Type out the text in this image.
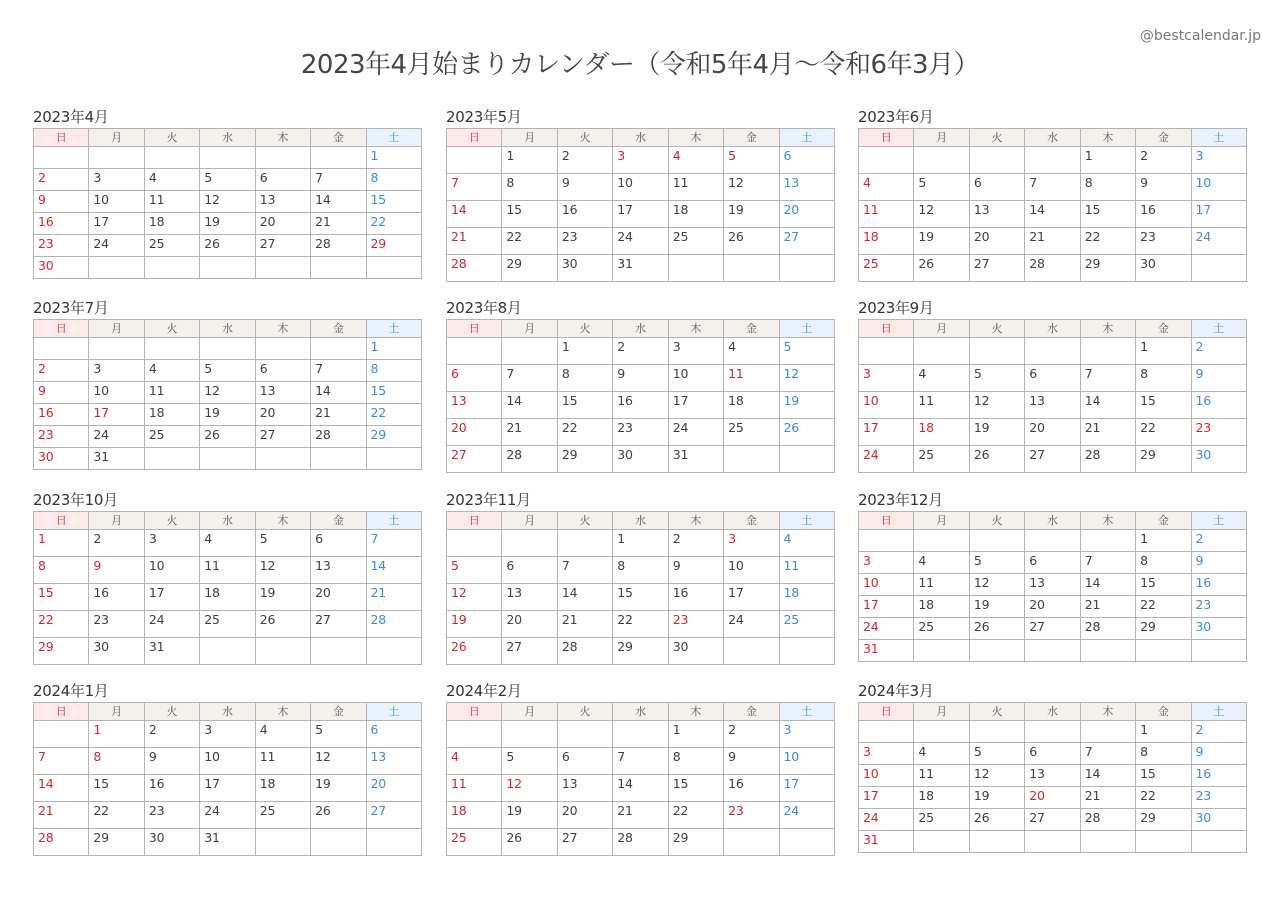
2023年4月始まりカレンダー（令和5年4月～令和6年3月）
@bestcalendar.jp
2023年4月
日	月	火	水	木	金	土
						1
2	3	4	5	6	7	8
9	10	11	12	13	14	15
16	17	18	19	20	21	22
23	24	25	26	27	28	29
30						
2023年5月
日	月	火	水	木	金	土
	1	2	3	4	5	6
7	8	9	10	11	12	13
14	15	16	17	18	19	20
21	22	23	24	25	26	27
28	29	30	31			
2023年6月
日	月	火	水	木	金	土
				1	2	3
4	5	6	7	8	9	10
11	12	13	14	15	16	17
18	19	20	21	22	23	24
25	26	27	28	29	30	
2023年7月
日	月	火	水	木	金	土
						1
2	3	4	5	6	7	8
9	10	11	12	13	14	15
16	17	18	19	20	21	22
23	24	25	26	27	28	29
30	31					
2023年8月
日	月	火	水	木	金	土
		1	2	3	4	5
6	7	8	9	10	11	12
13	14	15	16	17	18	19
20	21	22	23	24	25	26
27	28	29	30	31		
2023年9月
日	月	火	水	木	金	土
					1	2
3	4	5	6	7	8	9
10	11	12	13	14	15	16
17	18	19	20	21	22	23
24	25	26	27	28	29	30
2023年10月
日	月	火	水	木	金	土
1	2	3	4	5	6	7
8	9	10	11	12	13	14
15	16	17	18	19	20	21
22	23	24	25	26	27	28
29	30	31				
2023年11月
日	月	火	水	木	金	土
			1	2	3	4
5	6	7	8	9	10	11
12	13	14	15	16	17	18
19	20	21	22	23	24	25
26	27	28	29	30		
2023年12月
日	月	火	水	木	金	土
					1	2
3	4	5	6	7	8	9
10	11	12	13	14	15	16
17	18	19	20	21	22	23
24	25	26	27	28	29	30
31						
2024年1月
日	月	火	水	木	金	土
	1	2	3	4	5	6
7	8	9	10	11	12	13
14	15	16	17	18	19	20
21	22	23	24	25	26	27
28	29	30	31			
2024年2月
日	月	火	水	木	金	土
				1	2	3
4	5	6	7	8	9	10
11	12	13	14	15	16	17
18	19	20	21	22	23	24
25	26	27	28	29		
2024年3月
日	月	火	水	木	金	土
					1	2
3	4	5	6	7	8	9
10	11	12	13	14	15	16
17	18	19	20	21	22	23
24	25	26	27	28	29	30
31						
